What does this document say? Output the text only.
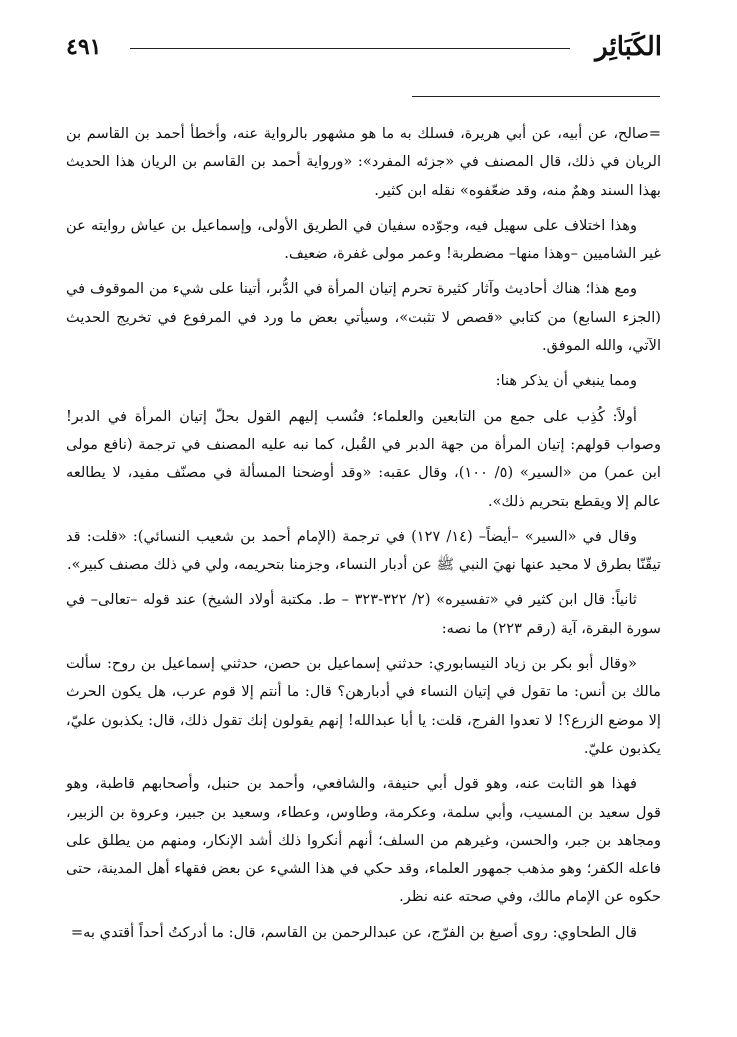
٤٩١	الكَبَائِر

=صالح، عن أبيه، عن أبي هريرة، فسلك به ما هو مشهور بالرواية عنه، وأخطأ أحمد بن القاسم بن الريان في ذلك، قال المصنف في «جزئه المفرد»: «ورواية أحمد بن القاسم بن الريان هذا الحديث بهذا السند وهمٌ منه، وقد ضعّفوه» نقله ابن كثير.

وهذا اختلاف على سهيل فيه، وجوّده سفيان في الطريق الأولى، وإسماعيل بن عياش روايته عن غير الشاميين –وهذا منها– مضطربة! وعمر مولى غفرة، ضعيف.

ومع هذا؛ هناك أحاديث وآثار كثيرة تحرم إتيان المرأة في الدُّبر، أتينا على شيء من الموقوف في (الجزء السابع) من كتابي «قصص لا تثبت»، وسيأتي بعض ما ورد في المرفوع في تخريج الحديث الآتي، والله الموفق.

ومما ينبغي أن يذكر هنا:

أولاً: كُذِب على جمع من التابعين والعلماء؛ فنُسب إليهم القول بحلّ إتيان المرأة في الدبر! وصواب قولهم: إتيان المرأة من جهة الدبر في القُبل، كما نبه عليه المصنف في ترجمة (نافع مولى ابن عمر) من «السير» (٥/ ١٠٠)، وقال عقبه: «وقد أوضحنا المسألة في مصنّف مفيد، لا يطالعه عالم إلا ويقطع بتحريم ذلك».

وقال في «السير» –أيضاً– (١٤/ ١٢٧) في ترجمة (الإمام أحمد بن شعيب النسائي): «قلت: قد تيقّنّا بطرق لا محيد عنها نهيَ النبي ﷺ عن أدبار النساء، وجزمنا بتحريمه، ولي في ذلك مصنف كبير».

ثانياً: قال ابن كثير في «تفسيره» (٢/ ٣٢٢-٣٢٣ – ط. مكتبة أولاد الشيخ) عند قوله –تعالى– في سورة البقرة، آية (رقم ٢٢٣) ما نصه:

«وقال أبو بكر بن زياد النيسابوري: حدثني إسماعيل بن حصن، حدثني إسماعيل بن روح: سألت مالك بن أنس: ما تقول في إتيان النساء في أدبارهن؟ قال: ما أنتم إلا قوم عرب، هل يكون الحرث إلا موضع الزرع؟! لا تعدوا الفرج، قلت: يا أبا عبدالله! إنهم يقولون إنك تقول ذلك، قال: يكذبون عليّ، يكذبون عليّ.

فهذا هو الثابت عنه، وهو قول أبي حنيفة، والشافعي، وأحمد بن حنبل، وأصحابهم قاطبة، وهو قول سعيد بن المسيب، وأبي سلمة، وعكرمة، وطاوس، وعطاء، وسعيد بن جبير، وعروة بن الزبير، ومجاهد بن جبر، والحسن، وغيرهم من السلف؛ أنهم أنكروا ذلك أشد الإنكار، ومنهم من يطلق على فاعله الكفر؛ وهو مذهب جمهور العلماء، وقد حكي في هذا الشيء عن بعض فقهاء أهل المدينة، حتى حكوه عن الإمام مالك، وفي صحته عنه نظر.

قال الطحاوي: روى أصبغ بن الفرّج، عن عبدالرحمن بن القاسم، قال: ما أدركتُ أحداً أقتدي به=
